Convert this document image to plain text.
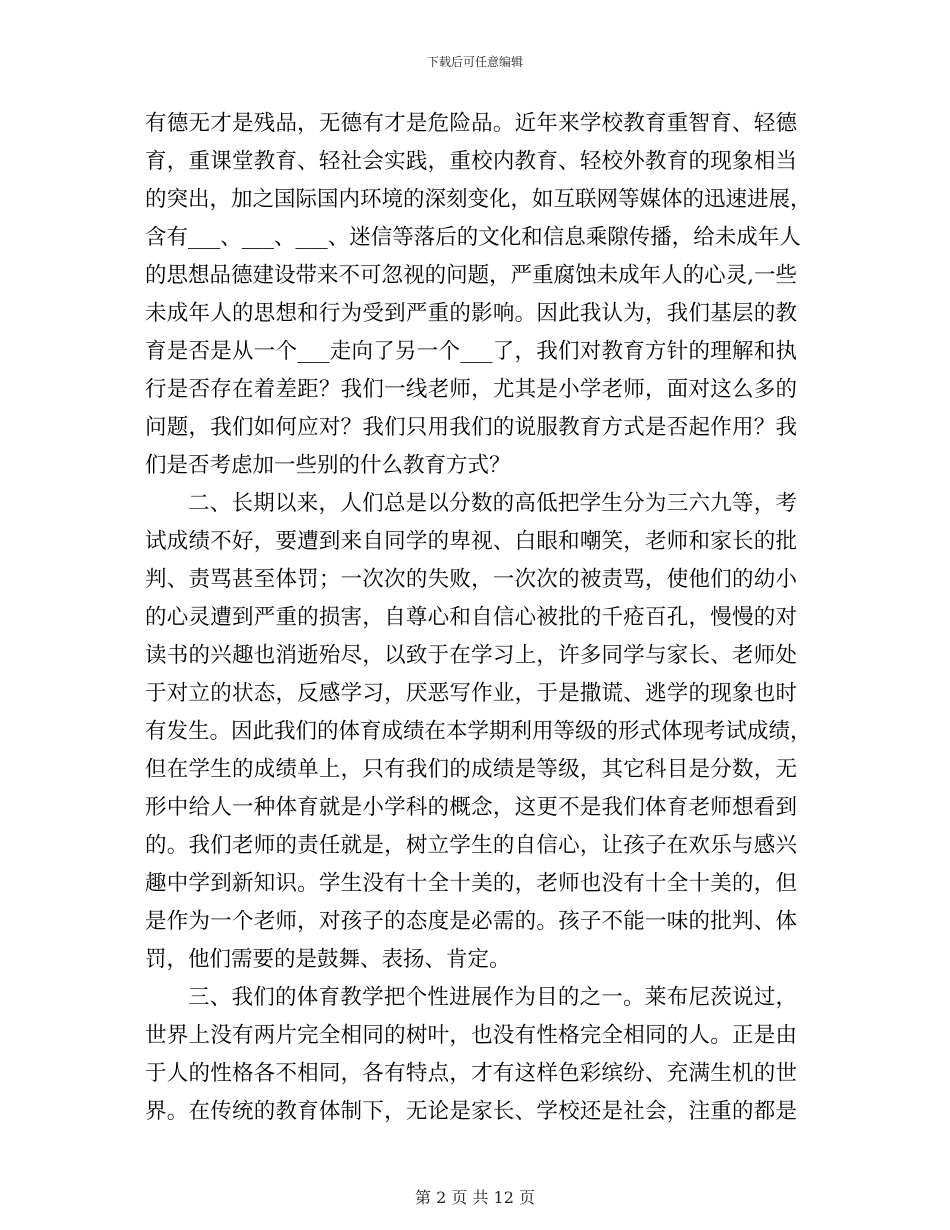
下载后可任意编辑
有德无才是残品，无德有才是危险品。近年来学校教育重智育、轻德
育，重课堂教育、轻社会实践，重校内教育、轻校外教育的现象相当
的突出，加之国际国内环境的深刻变化，如互联网等媒体的迅速进展，
含有___、___、___、迷信等落后的文化和信息乘隙传播，给未成年人
的思想品德建设带来不可忽视的问题，严重腐蚀未成年人的心灵,一些
未成年人的思想和行为受到严重的影响。因此我认为，我们基层的教
育是否是从一个___走向了另一个___了，我们对教育方针的理解和执
行是否存在着差距？我们一线老师，尤其是小学老师，面对这么多的
问题，我们如何应对？我们只用我们的说服教育方式是否起作用？我
们是否考虑加一些别的什么教育方式？
二、长期以来，人们总是以分数的高低把学生分为三六九等，考
试成绩不好，要遭到来自同学的卑视、白眼和嘲笑，老师和家长的批
判、责骂甚至体罚；一次次的失败，一次次的被责骂，使他们的幼小
的心灵遭到严重的损害，自尊心和自信心被批的千疮百孔，慢慢的对
读书的兴趣也消逝殆尽，以致于在学习上，许多同学与家长、老师处
于对立的状态，反感学习，厌恶写作业，于是撒谎、逃学的现象也时
有发生。因此我们的体育成绩在本学期利用等级的形式体现考试成绩，
但在学生的成绩单上，只有我们的成绩是等级，其它科目是分数，无
形中给人一种体育就是小学科的概念，这更不是我们体育老师想看到
的。我们老师的责任就是，树立学生的自信心，让孩子在欢乐与感兴
趣中学到新知识。学生没有十全十美的，老师也没有十全十美的，但
是作为一个老师，对孩子的态度是必需的。孩子不能一味的批判、体
罚，他们需要的是鼓舞、表扬、肯定。
三、我们的体育教学把个性进展作为目的之一。莱布尼茨说过，
世界上没有两片完全相同的树叶，也没有性格完全相同的人。正是由
于人的性格各不相同，各有特点，才有这样色彩缤纷、充满生机的世
界。在传统的教育体制下，无论是家长、学校还是社会，注重的都是
第 2 页 共 12 页
